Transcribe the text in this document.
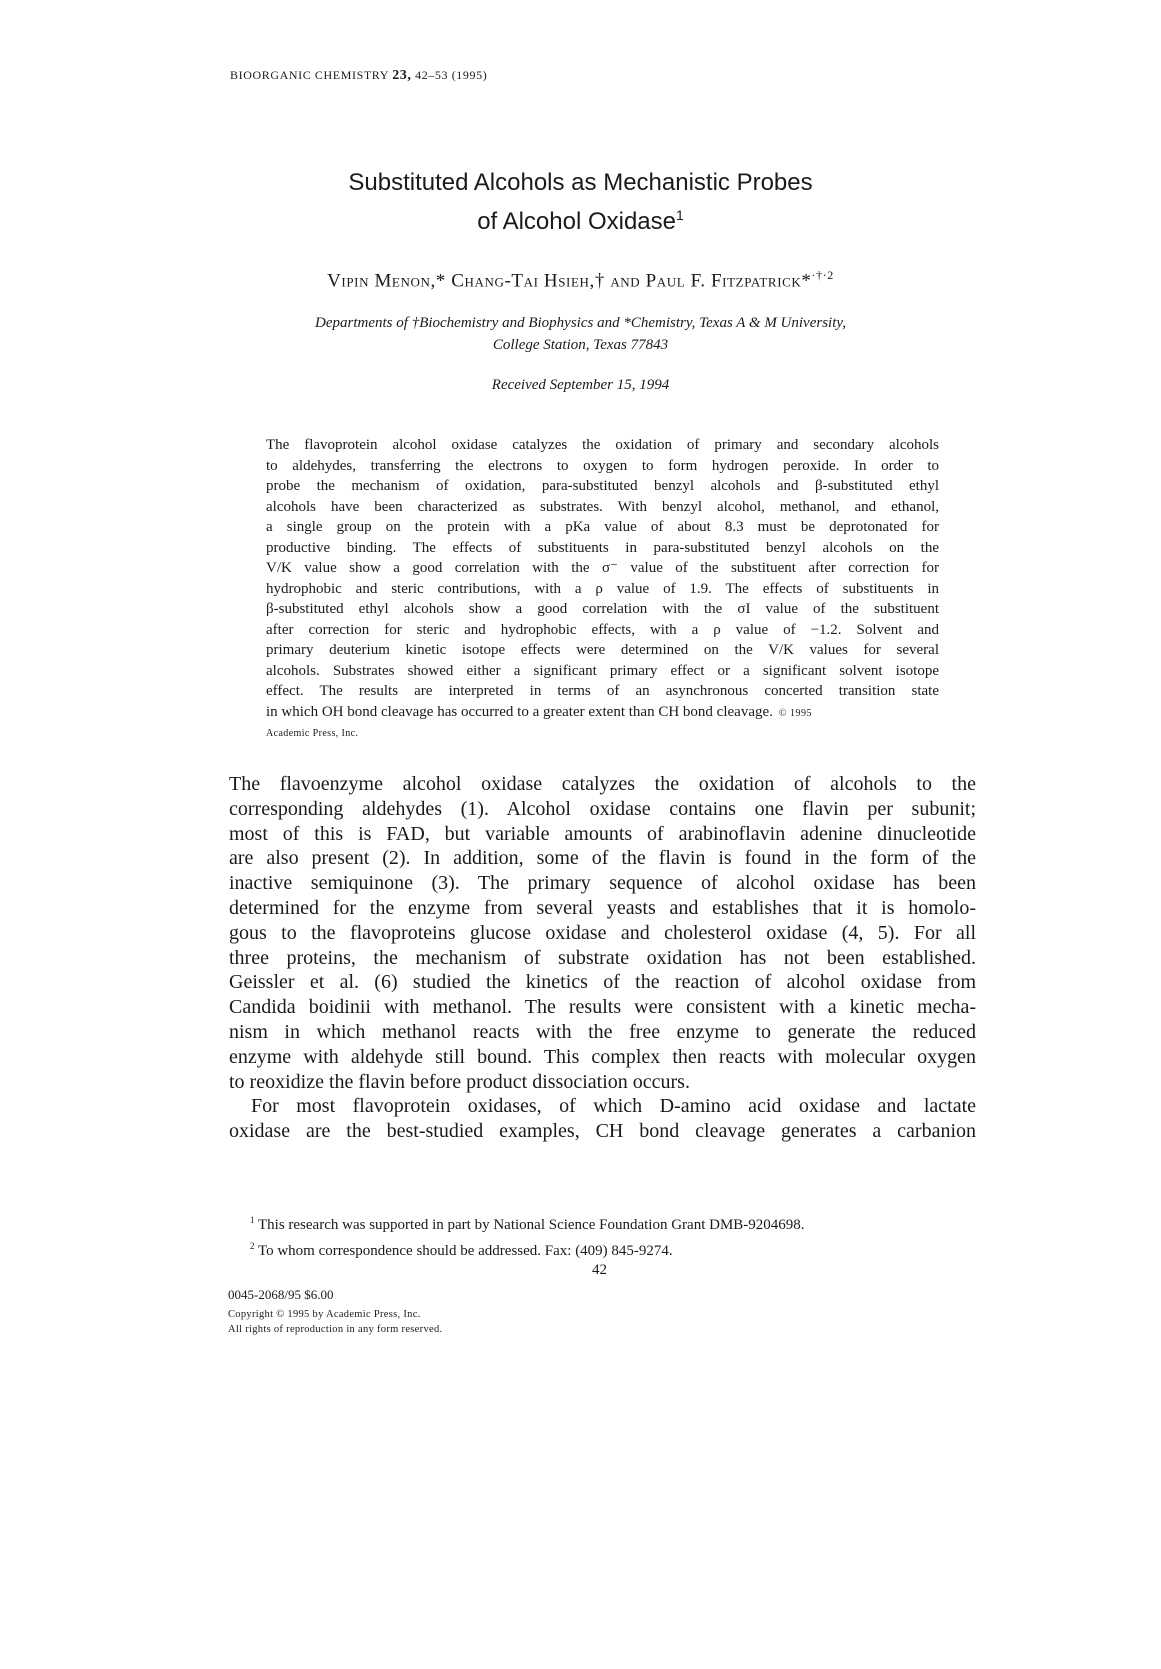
BIOORGANIC CHEMISTRY 23, 42–53 (1995)
Substituted Alcohols as Mechanistic Probes
of Alcohol Oxidase$^1$
Vipin Menon,* Chang-Tai Hsieh,† and Paul F. Fitzpatrick*$^{\cdot\dagger\cdot 2}$
Departments of †Biochemistry and Biophysics and *Chemistry, Texas A & M University,
College Station, Texas 77843
Received September 15, 1994
The flavoprotein alcohol oxidase catalyzes the oxidation of primary and secondary alcohols
to aldehydes, transferring the electrons to oxygen to form hydrogen peroxide. In order to
probe the mechanism of oxidation, para-substituted benzyl alcohols and β-substituted ethyl
alcohols have been characterized as substrates. With benzyl alcohol, methanol, and ethanol,
a single group on the protein with a pKa value of about 8.3 must be deprotonated for
productive binding. The effects of substituents in para-substituted benzyl alcohols on the
V/K value show a good correlation with the σ⁻ value of the substituent after correction for
hydrophobic and steric contributions, with a ρ value of 1.9. The effects of substituents in
β-substituted ethyl alcohols show a good correlation with the σI value of the substituent
after correction for steric and hydrophobic effects, with a ρ value of −1.2. Solvent and
primary deuterium kinetic isotope effects were determined on the V/K values for several
alcohols. Substrates showed either a significant primary effect or a significant solvent isotope
effect. The results are interpreted in terms of an asynchronous concerted transition state
in which OH bond cleavage has occurred to a greater extent than CH bond cleavage. © 1995
Academic Press, Inc.

The flavoenzyme alcohol oxidase catalyzes the oxidation of alcohols to the
corresponding aldehydes (1). Alcohol oxidase contains one flavin per subunit;
most of this is FAD, but variable amounts of arabinoflavin adenine dinucleotide
are also present (2). In addition, some of the flavin is found in the form of the
inactive semiquinone (3). The primary sequence of alcohol oxidase has been
determined for the enzyme from several yeasts and establishes that it is homolo-
gous to the flavoproteins glucose oxidase and cholesterol oxidase (4, 5). For all
three proteins, the mechanism of substrate oxidation has not been established.
Geissler et al. (6) studied the kinetics of the reaction of alcohol oxidase from
Candida boidinii with methanol. The results were consistent with a kinetic mecha-
nism in which methanol reacts with the free enzyme to generate the reduced
enzyme with aldehyde still bound. This complex then reacts with molecular oxygen
to reoxidize the flavin before product dissociation occurs.

For most flavoprotein oxidases, of which D-amino acid oxidase and lactate
oxidase are the best-studied examples, CH bond cleavage generates a carbanion

$^1$ This research was supported in part by National Science Foundation Grant DMB-9204698.
$^2$ To whom correspondence should be addressed. Fax: (409) 845-9274.
42
0045-2068/95 $6.00
Copyright © 1995 by Academic Press, Inc.
All rights of reproduction in any form reserved.
